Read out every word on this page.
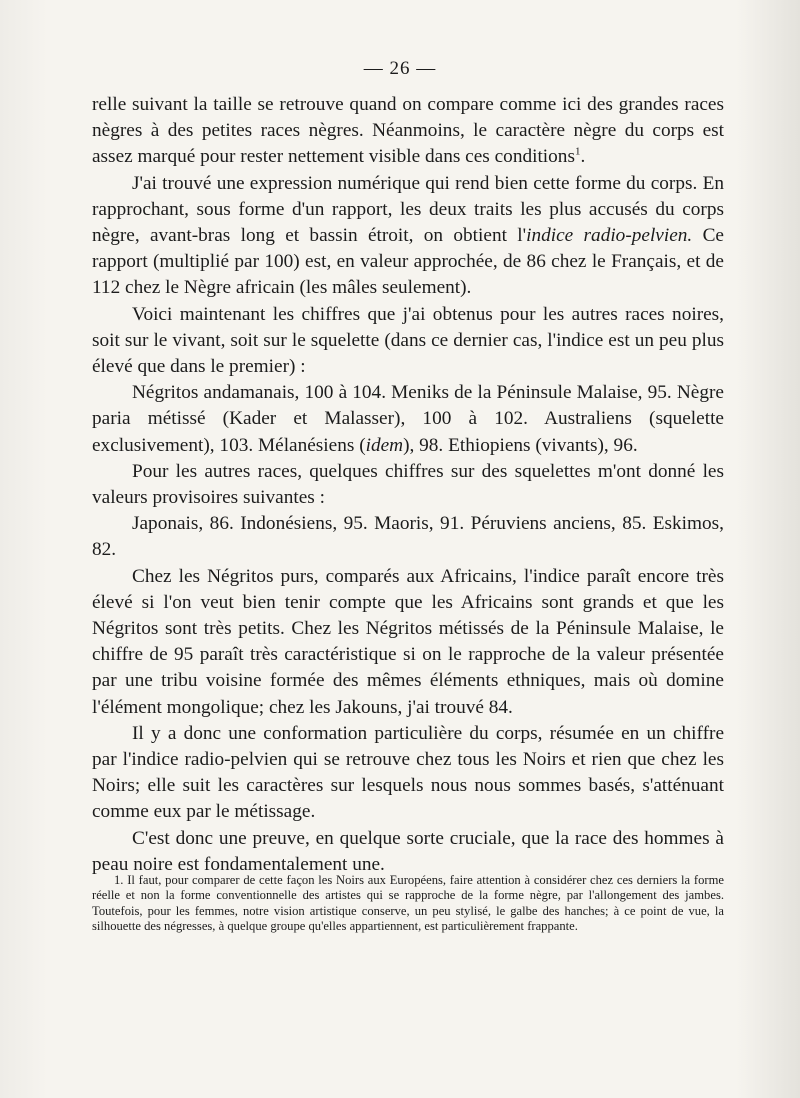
— 26 —

relle suivant la taille se retrouve quand on compare comme ici des grandes races nègres à des petites races nègres. Néanmoins, le caractère nègre du corps est assez marqué pour rester nettement visible dans ces conditions$^1$.

J'ai trouvé une expression numérique qui rend bien cette forme du corps. En rapprochant, sous forme d'un rapport, les deux traits les plus accusés du corps nègre, avant-bras long et bassin étroit, on obtient l'indice radio-pelvien. Ce rapport (multiplié par 100) est, en valeur approchée, de 86 chez le Français, et de 112 chez le Nègre africain (les mâles seulement).

Voici maintenant les chiffres que j'ai obtenus pour les autres races noires, soit sur le vivant, soit sur le squelette (dans ce dernier cas, l'indice est un peu plus élevé que dans le premier) :

Négritos andamanais, 100 à 104. Meniks de la Péninsule Malaise, 95. Nègre paria métissé (Kader et Malasser), 100 à 102. Australiens (squelette exclusivement), 103. Mélanésiens (idem), 98. Ethiopiens (vivants), 96.

Pour les autres races, quelques chiffres sur des squelettes m'ont donné les valeurs provisoires suivantes :

Japonais, 86. Indonésiens, 95. Maoris, 91. Péruviens anciens, 85. Eskimos, 82.

Chez les Négritos purs, comparés aux Africains, l'indice paraît encore très élevé si l'on veut bien tenir compte que les Africains sont grands et que les Négritos sont très petits. Chez les Négritos métissés de la Péninsule Malaise, le chiffre de 95 paraît très caractéristique si on le rapproche de la valeur présentée par une tribu voisine formée des mêmes éléments ethniques, mais où domine l'élément mongolique; chez les Jakouns, j'ai trouvé 84.

Il y a donc une conformation particulière du corps, résumée en un chiffre par l'indice radio-pelvien qui se retrouve chez tous les Noirs et rien que chez les Noirs; elle suit les caractères sur lesquels nous nous sommes basés, s'atténuant comme eux par le métissage.

C'est donc une preuve, en quelque sorte cruciale, que la race des hommes à peau noire est fondamentalement une.

1. Il faut, pour comparer de cette façon les Noirs aux Européens, faire attention à considérer chez ces derniers la forme réelle et non la forme conventionnelle des artistes qui se rapproche de la forme nègre, par l'allongement des jambes. Toutefois, pour les femmes, notre vision artistique conserve, un peu stylisé, le galbe des hanches; à ce point de vue, la silhouette des négresses, à quelque groupe qu'elles appartiennent, est particulièrement frappante.
